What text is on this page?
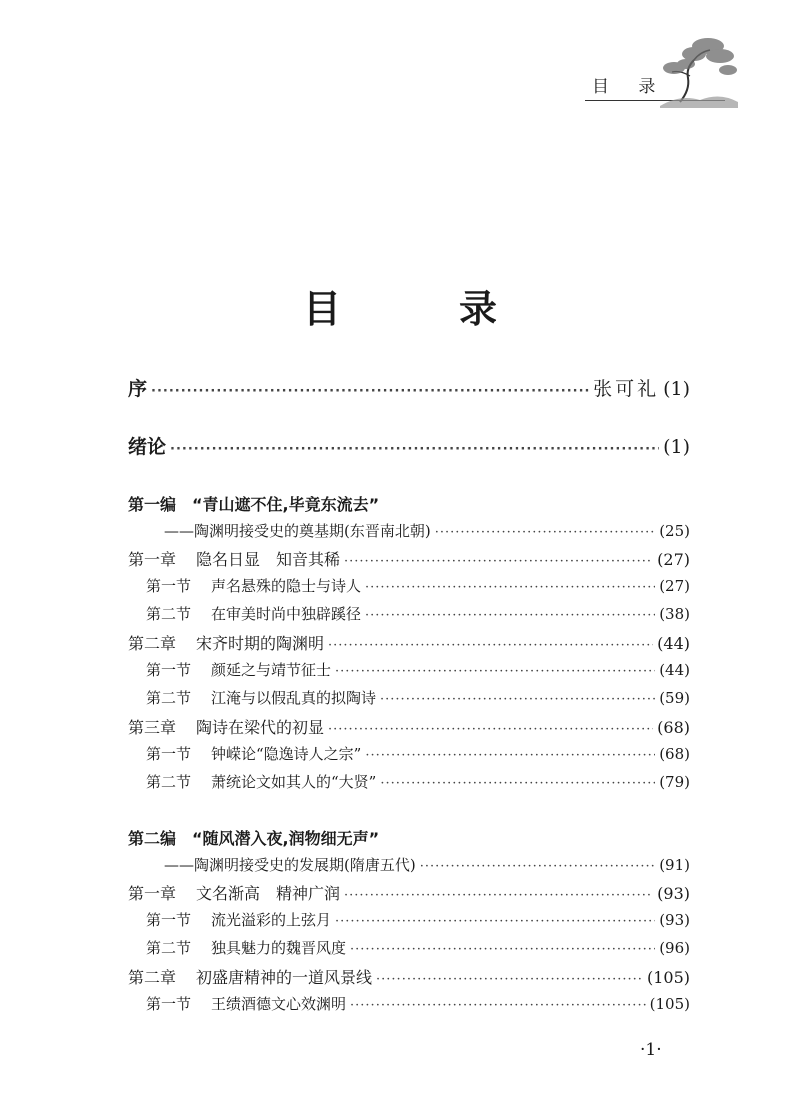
目 录
目　录
序 ·····	张可礼 (1)
绪论 ·····	(1)
第一编　“青山遮不住,毕竟东流去”
——陶渊明接受史的奠基期(东晋南北朝) ·····	(25)
第一章 隐名日显　知音其稀 ·····	(27)
第一节 声名悬殊的隐士与诗人 ·····	(27)
第二节 在审美时尚中独辟蹊径 ·····	(38)
第二章 宋齐时期的陶渊明 ·····	(44)
第一节 颜延之与靖节征士 ·····	(44)
第二节 江淹与以假乱真的拟陶诗 ·····	(59)
第三章 陶诗在梁代的初显 ·····	(68)
第一节 钟嵘论“隐逸诗人之宗” ·····	(68)
第二节 萧统论文如其人的“大贤” ·····	(79)
第二编　“随风潜入夜,润物细无声”
——陶渊明接受史的发展期(隋唐五代) ·····	(91)
第一章 文名渐高　精神广润 ·····	(93)
第一节 流光溢彩的上弦月 ·····	(93)
第二节 独具魅力的魏晋风度 ·····	(96)
第二章 初盛唐精神的一道风景线 ·····	(105)
第一节 王绩酒德文心效渊明 ·····	(105)
·1·
